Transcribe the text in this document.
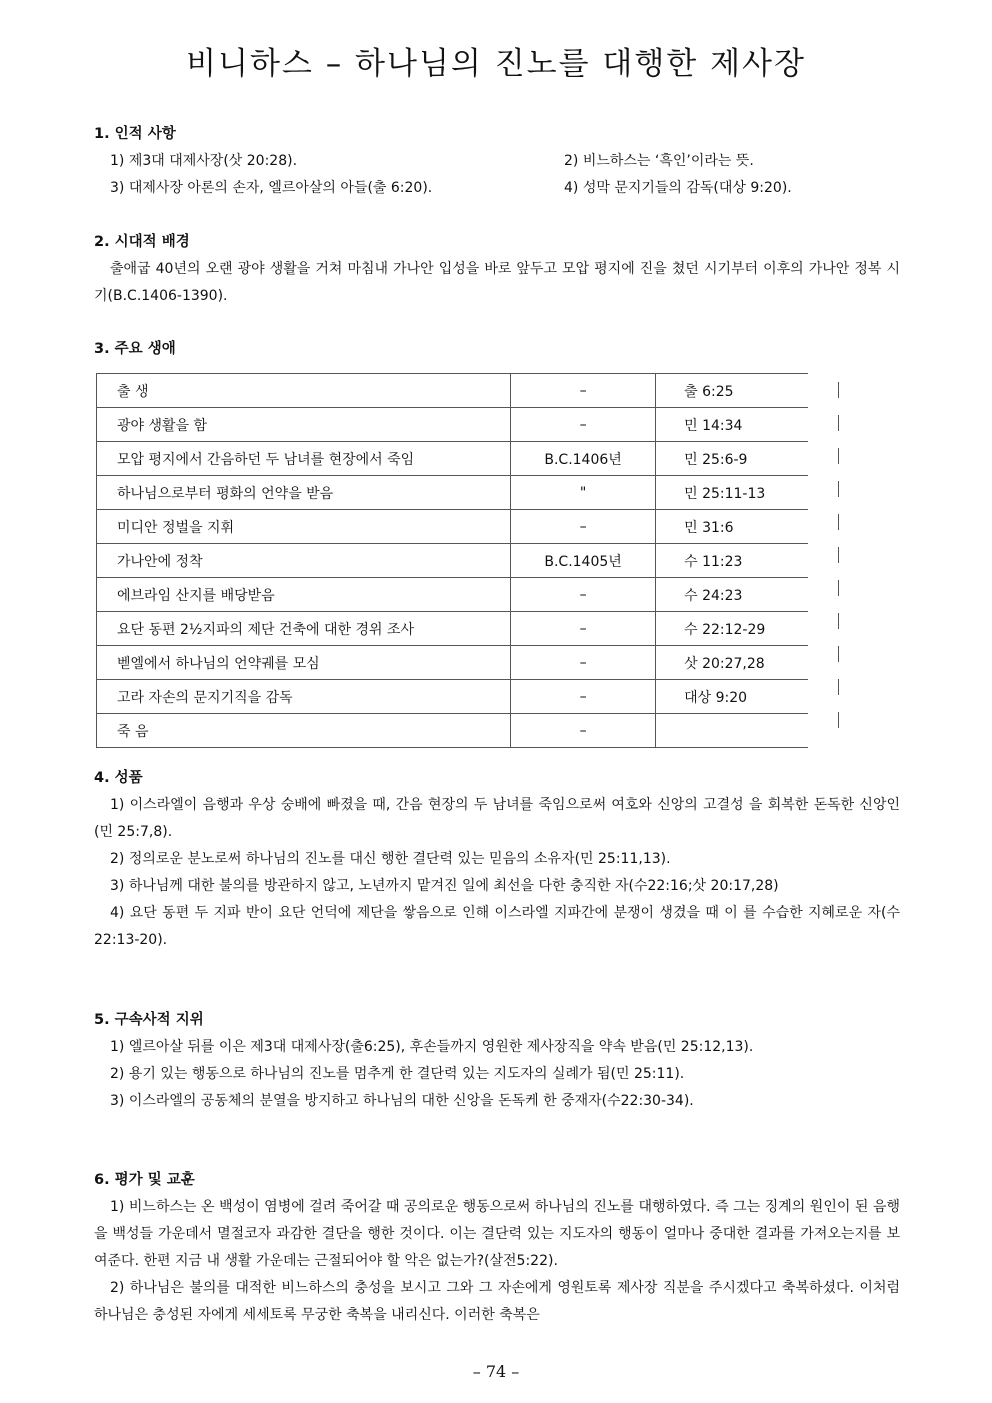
비니하스 – 하나님의 진노를 대행한 제사장

1. 인적 사항

1) 제3대 대제사장(삿 20:28).	2) 비느하스는 ‘흑인’이라는 뜻.
3) 대제사장 아론의 손자, 엘르아살의 아들(출 6:20).	4) 성막 문지기들의 감독(대상 9:20).

2. 시대적 배경

출애굽 40년의 오랜 광야 생활을 거쳐 마침내 가나안 입성을 바로 앞두고 모압 평지에 진을 쳤던 시기부터 이후의 가나안 정복 시기(B.C.1406-1390).

3. 주요 생애

출 생	–	출 6:25
광야 생활을 함	–	민 14:34
모압 평지에서 간음하던 두 남녀를 현장에서 죽임	B.C.1406년	민 25:6-9
하나님으로부터 평화의 언약을 받음	"	민 25:11-13
미디안 정벌을 지휘	–	민 31:6
가나안에 정착	B.C.1405년	수 11:23
에브라임 산지를 배당받음	–	수 24:23
요단 동편 2½지파의 제단 건축에 대한 경위 조사	–	수 22:12-29
벧엘에서 하나님의 언약궤를 모심	–	삿 20:27,28
고라 자손의 문지기직을 감독	–	대상 9:20
죽 음	–	

4. 성품

1) 이스라엘이 음행과 우상 숭배에 빠졌을 때, 간음 현장의 두 남녀를 죽임으로써 여호와 신앙의 고결성 을 회복한 돈독한 신앙인(민 25:7,8).

2) 정의로운 분노로써 하나님의 진노를 대신 행한 결단력 있는 믿음의 소유자(민 25:11,13).

3) 하나님께 대한 불의를 방관하지 않고, 노년까지 맡겨진 일에 최선을 다한 충직한 자(수22:16;삿 20:17,28)

4) 요단 동편 두 지파 반이 요단 언덕에 제단을 쌓음으로 인해 이스라엘 지파간에 분쟁이 생겼을 때 이 를 수습한 지혜로운 자(수22:13-20).

5. 구속사적 지위

1) 엘르아살 뒤를 이은 제3대 대제사장(출6:25), 후손들까지 영원한 제사장직을 약속 받음(민 25:12,13).

2) 용기 있는 행동으로 하나님의 진노를 멈추게 한 결단력 있는 지도자의 실례가 됨(민 25:11).

3) 이스라엘의 공동체의 분열을 방지하고 하나님의 대한 신앙을 돈독케 한 중재자(수22:30-34).

6. 평가 및 교훈

1) 비느하스는 온 백성이 염병에 걸려 죽어갈 때 공의로운 행동으로써 하나님의 진노를 대행하였다. 즉 그는 징계의 원인이 된 음행을 백성들 가운데서 멸절코자 과감한 결단을 행한 것이다. 이는 결단력 있는 지도자의 행동이 얼마나 중대한 결과를 가져오는지를 보여준다. 한편 지금 내 생활 가운데는 근절되어야 할 악은 없는가?(살전5:22).

2) 하나님은 불의를 대적한 비느하스의 충성을 보시고 그와 그 자손에게 영원토록 제사장 직분을 주시겠다고 축복하셨다. 이처럼 하나님은 충성된 자에게 세세토록 무궁한 축복을 내리신다. 이러한 축복은

– 74 –
